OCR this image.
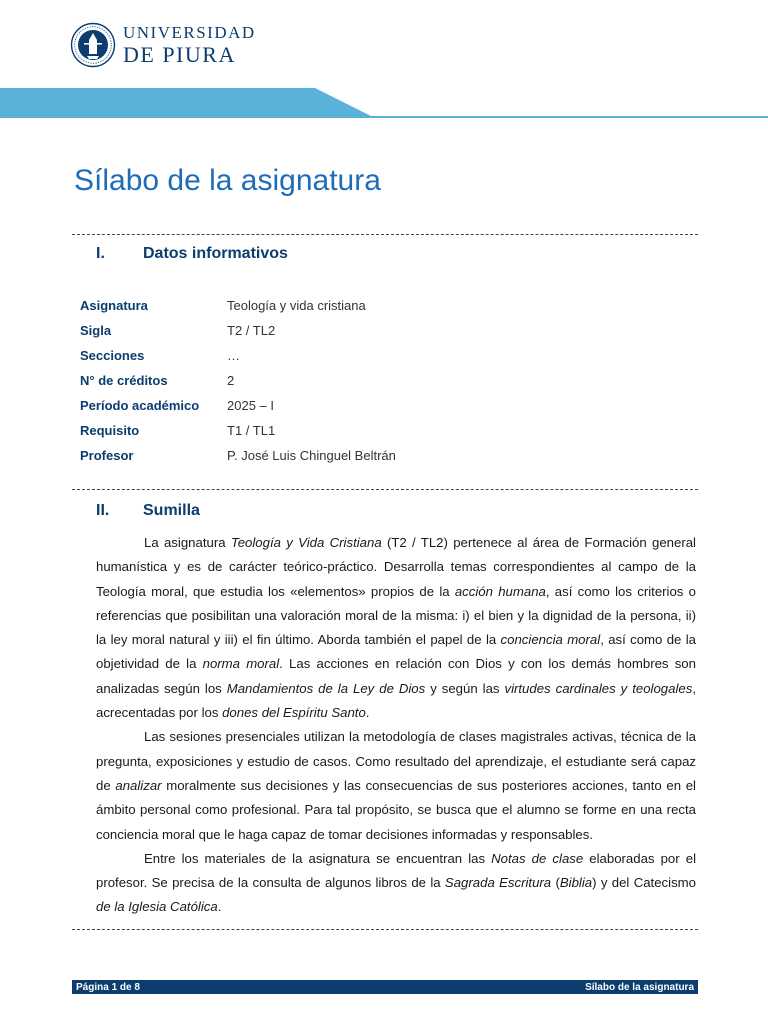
UNIVERSIDAD
DE PIURA
Sílabo de la asignatura
I. Datos informativos
Asignatura	Teología y vida cristiana
Sigla	T2 / TL2
Secciones	…
N° de créditos	2
Período académico	2025 – I
Requisito	T1 / TL1
Profesor	P. José Luis Chinguel Beltrán
II. Sumilla

La asignatura Teología y Vida Cristiana (T2 / TL2) pertenece al área de Formación general humanística y es de carácter teórico-práctico. Desarrolla temas correspondientes al campo de la Teología moral, que estudia los «elementos» propios de la acción humana, así como los criterios o referencias que posibilitan una valoración moral de la misma: i) el bien y la dignidad de la persona, ii) la ley moral natural y iii) el fin último. Aborda también el papel de la conciencia moral, así como de la objetividad de la norma moral. Las acciones en relación con Dios y con los demás hombres son analizadas según los Mandamientos de la Ley de Dios y según las virtudes cardinales y teologales, acrecentadas por los dones del Espíritu Santo.

Las sesiones presenciales utilizan la metodología de clases magistrales activas, técnica de la pregunta, exposiciones y estudio de casos. Como resultado del aprendizaje, el estudiante será capaz de analizar moralmente sus decisiones y las consecuencias de sus posteriores acciones, tanto en el ámbito personal como profesional. Para tal propósito, se busca que el alumno se forme en una recta conciencia moral que le haga capaz de tomar decisiones informadas y responsables.

Entre los materiales de la asignatura se encuentran las Notas de clase elaboradas por el profesor. Se precisa de la consulta de algunos libros de la Sagrada Escritura (Biblia) y del Catecismo de la Iglesia Católica.

Página 1 de 8	Sílabo de la asignatura
